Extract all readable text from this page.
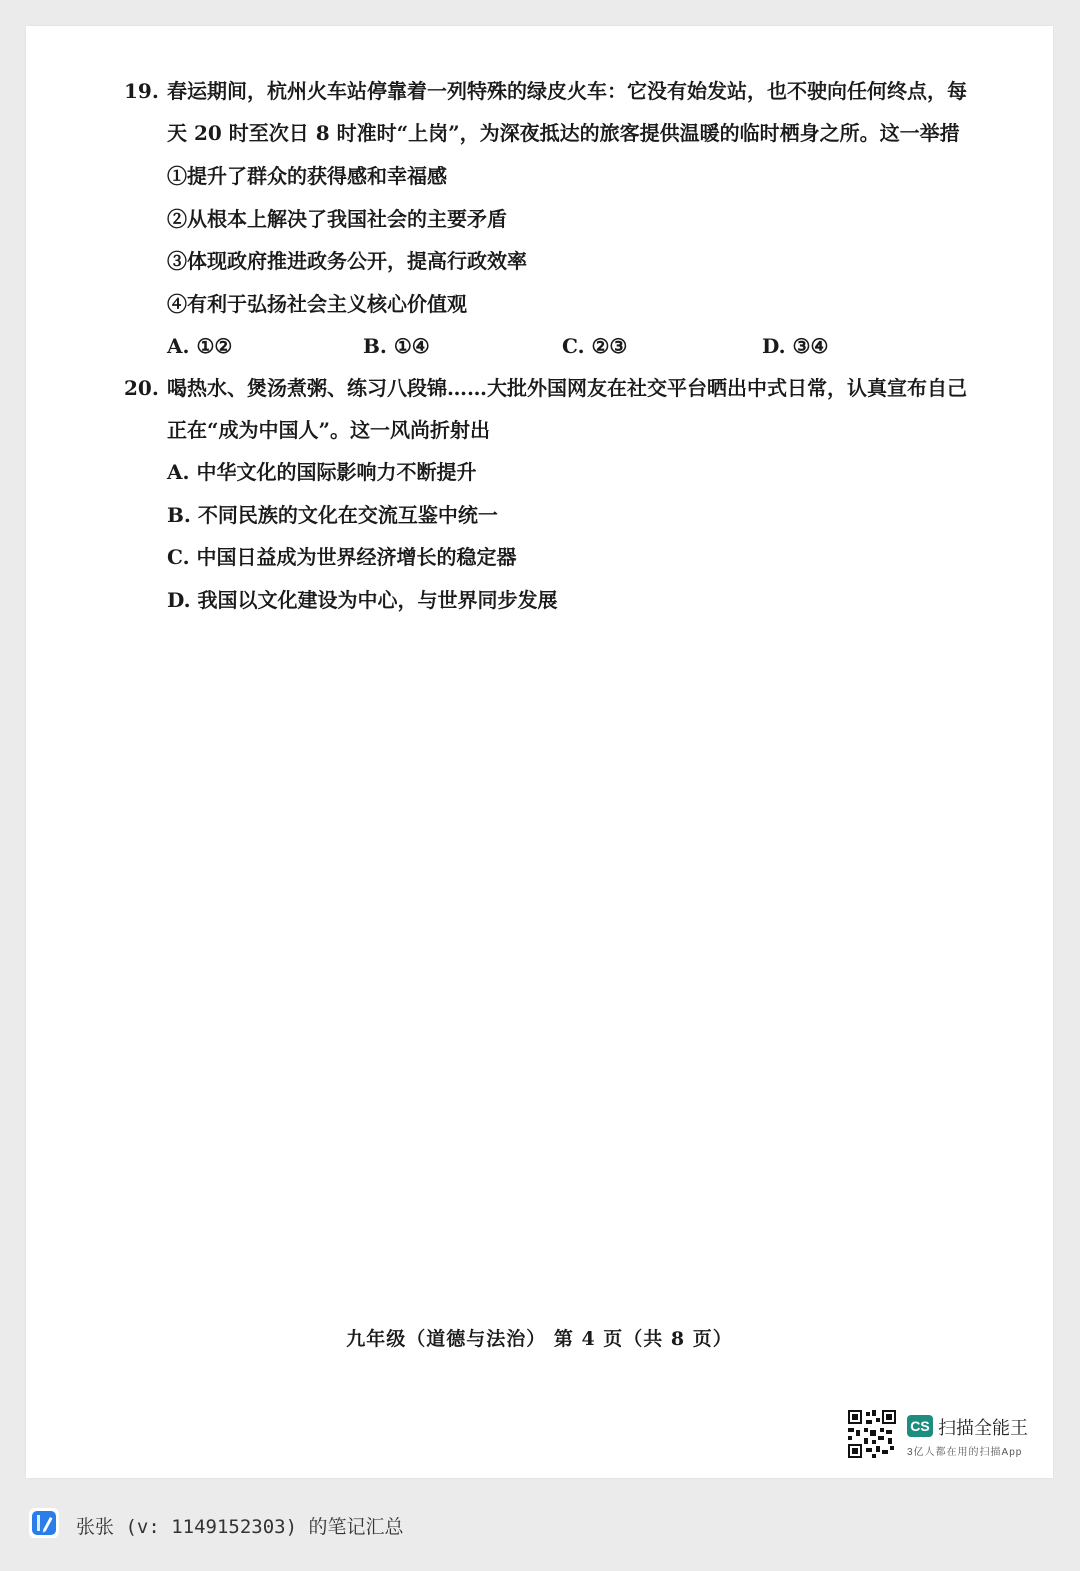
19. 春运期间，杭州火车站停靠着一列特殊的绿皮火车：它没有始发站，也不驶向任何终点，每
天 20 时至次日 8 时准时“上岗”，为深夜抵达的旅客提供温暖的临时栖身之所。这一举措
①提升了群众的获得感和幸福感
②从根本上解决了我国社会的主要矛盾
③体现政府推进政务公开，提高行政效率
④有利于弘扬社会主义核心价值观
A. ①②	B. ①④	C. ②③	D. ③④
20. 喝热水、煲汤煮粥、练习八段锦……大批外国网友在社交平台晒出中式日常，认真宣布自己
正在“成为中国人”。这一风尚折射出
A. 中华文化的国际影响力不断提升
B. 不同民族的文化在交流互鉴中统一
C. 中国日益成为世界经济增长的稳定器
D. 我国以文化建设为中心，与世界同步发展
九年级（道德与法治） 第 4 页（共 8 页）
CS 扫描全能王
3亿人都在用的扫描App
张张 (v: 1149152303) 的笔记汇总
